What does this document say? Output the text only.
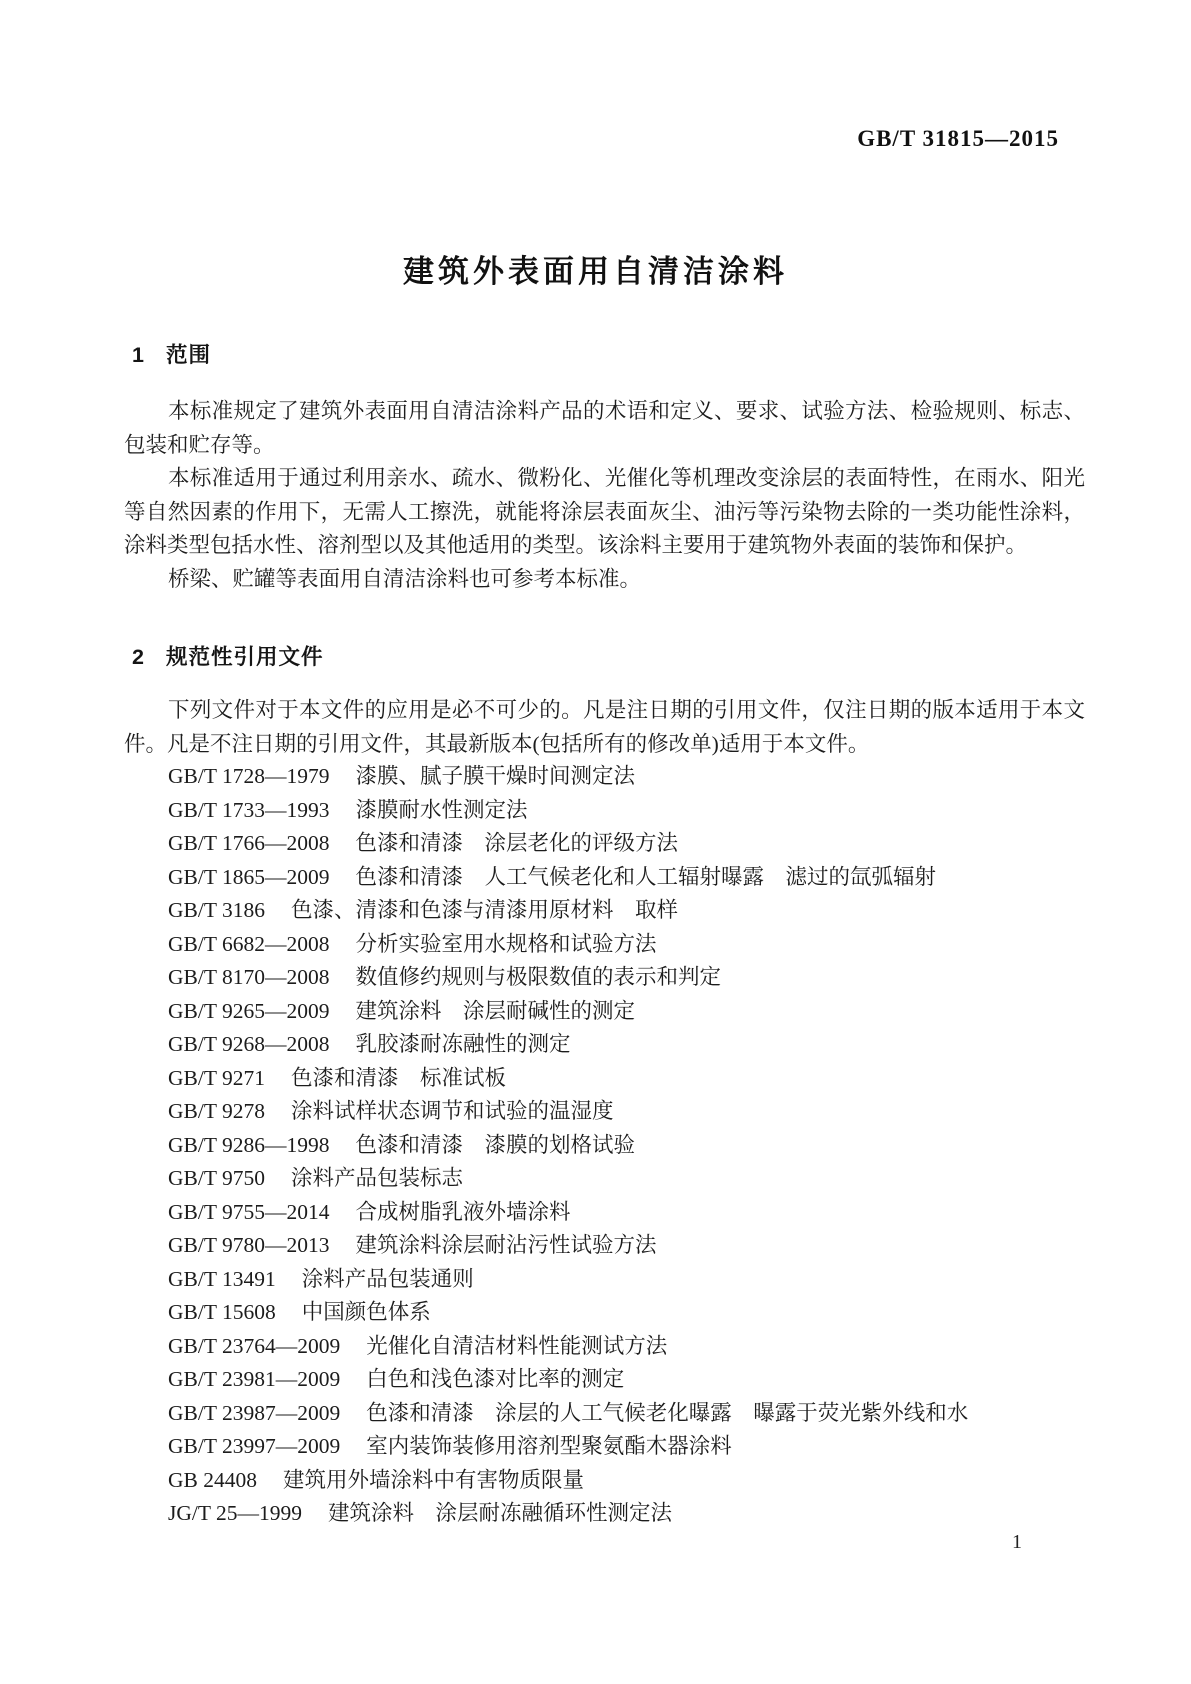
GB/T 31815—2015
建筑外表面用自清洁涂料
1 范围

本标准规定了建筑外表面用自清洁涂料产品的术语和定义、要求、试验方法、检验规则、标志、包装和贮存等。

本标准适用于通过利用亲水、疏水、微粉化、光催化等机理改变涂层的表面特性，在雨水、阳光等自然因素的作用下，无需人工擦洗，就能将涂层表面灰尘、油污等污染物去除的一类功能性涂料，涂料类型包括水性、溶剂型以及其他适用的类型。该涂料主要用于建筑物外表面的装饰和保护。

桥梁、贮罐等表面用自清洁涂料也可参考本标准。

2 规范性引用文件

下列文件对于本文件的应用是必不可少的。凡是注日期的引用文件，仅注日期的版本适用于本文件。凡是不注日期的引用文件，其最新版本(包括所有的修改单)适用于本文件。

GB/T 1728—1979 漆膜、腻子膜干燥时间测定法
GB/T 1733—1993 漆膜耐水性测定法
GB/T 1766—2008 色漆和清漆　涂层老化的评级方法
GB/T 1865—2009 色漆和清漆　人工气候老化和人工辐射曝露　滤过的氙弧辐射
GB/T 3186 色漆、清漆和色漆与清漆用原材料　取样
GB/T 6682—2008 分析实验室用水规格和试验方法
GB/T 8170—2008 数值修约规则与极限数值的表示和判定
GB/T 9265—2009 建筑涂料　涂层耐碱性的测定
GB/T 9268—2008 乳胶漆耐冻融性的测定
GB/T 9271 色漆和清漆　标准试板
GB/T 9278 涂料试样状态调节和试验的温湿度
GB/T 9286—1998 色漆和清漆　漆膜的划格试验
GB/T 9750 涂料产品包装标志
GB/T 9755—2014 合成树脂乳液外墙涂料
GB/T 9780—2013 建筑涂料涂层耐沾污性试验方法
GB/T 13491 涂料产品包装通则
GB/T 15608 中国颜色体系
GB/T 23764—2009 光催化自清洁材料性能测试方法
GB/T 23981—2009 白色和浅色漆对比率的测定
GB/T 23987—2009 色漆和清漆　涂层的人工气候老化曝露　曝露于荧光紫外线和水
GB/T 23997—2009 室内装饰装修用溶剂型聚氨酯木器涂料
GB 24408 建筑用外墙涂料中有害物质限量
JG/T 25—1999 建筑涂料　涂层耐冻融循环性测定法
1
